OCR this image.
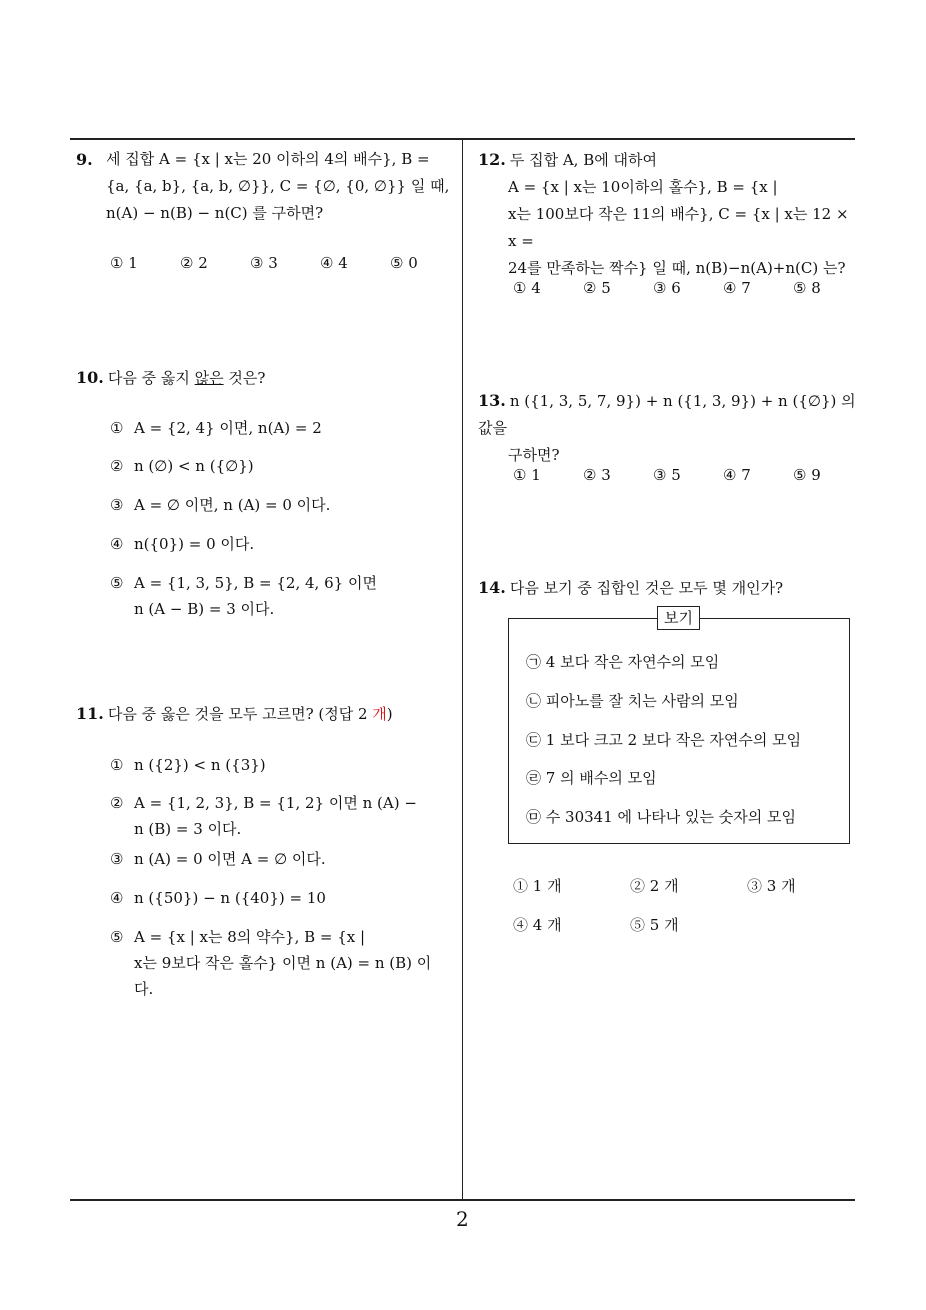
9. 세 집합 A = {x | x는 20 이하의 4의 배수}, B =
{a, {a, b}, {a, b, ∅}}, C = {∅, {0, ∅}} 일 때,
n(A) − n(B) − n(C) 를 구하면?
① 1	② 2	③ 3	④ 4	⑤ 0
10. 다음 중 옳지 않은 것은?
① A = {2, 4} 이면, n(A) = 2
② n (∅) < n ({∅})
③ A = ∅ 이면, n (A) = 0 이다.
④ n({0}) = 0 이다.
⑤ A = {1, 3, 5}, B = {2, 4, 6} 이면
n (A − B) = 3 이다.
11. 다음 중 옳은 것을 모두 고르면? (정답 2 개)
① n ({2}) < n ({3})
② A = {1, 2, 3}, B = {1, 2} 이면 n (A) −
n (B) = 3 이다.
③ n (A) = 0 이면 A = ∅ 이다.
④ n ({50}) − n ({40}) = 10
⑤ A = {x | x는 8의 약수}, B = {x |
x는 9보다 작은 홀수} 이면 n (A) = n (B) 이
다.
12. 두 집합 A, B에 대하여
A = {x | x는 10이하의 홀수}, B = {x |
x는 100보다 작은 11의 배수}, C = {x | x는 12 × x =
24를 만족하는 짝수} 일 때, n(B)−n(A)+n(C) 는?
① 4	② 5	③ 6	④ 7	⑤ 8
13. n ({1, 3, 5, 7, 9}) + n ({1, 3, 9}) + n ({∅}) 의 값을
구하면?
① 1	② 3	③ 5	④ 7	⑤ 9
14. 다음 보기 중 집합인 것은 모두 몇 개인가?
보기
㉠ 4 보다 작은 자연수의 모임
㉡ 피아노를 잘 치는 사람의 모임
㉢ 1 보다 크고 2 보다 작은 자연수의 모임
㉣ 7 의 배수의 모임
㉤ 수 30341 에 나타나 있는 숫자의 모임
① 1 개	② 2 개	③ 3 개
④ 4 개	⑤ 5 개
2
